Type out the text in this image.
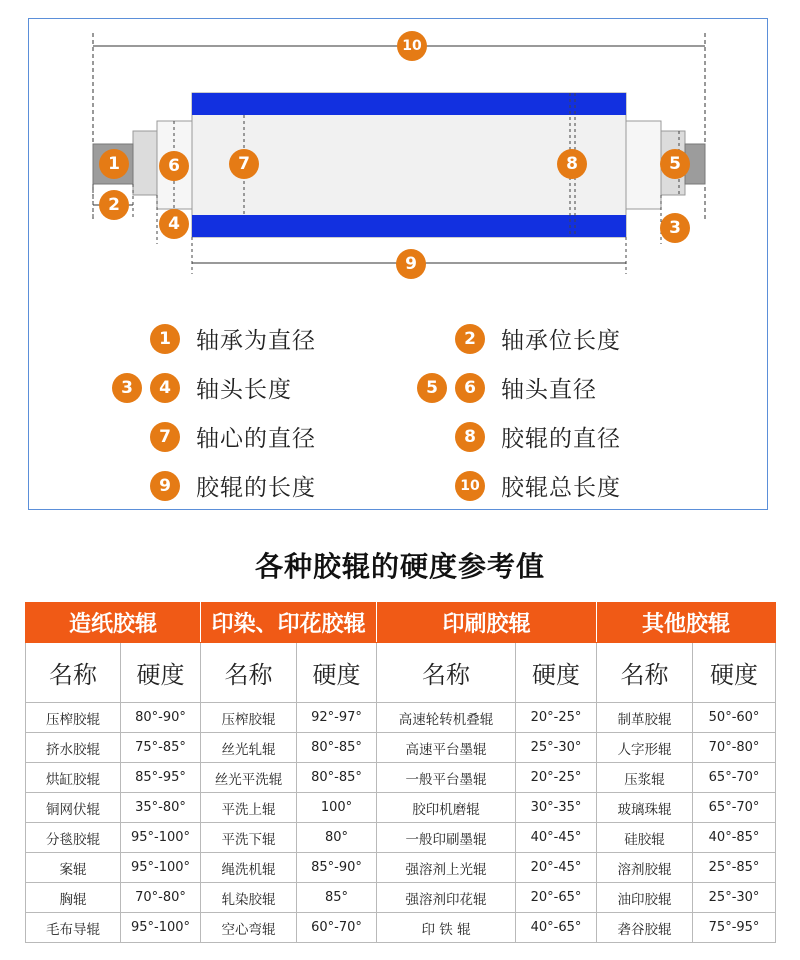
10
1
2
6
4
7	8	5
3
9
1	轴承为直径	2	轴承位长度
3	4	轴头长度	5	6	轴头直径
7	轴心的直径	8	胶辊的直径
9	胶辊的长度	10 胶辊总长度
各种胶辊的硬度参考值
造纸胶辊		印染、印花胶辊		印刷胶辊		其他胶辊	
名称	硬度	名称	硬度	名称	硬度	名称	硬度
压榨胶辊	80°-90°	压榨胶辊	92°-97°	高速轮转机叠辊	20°-25°	制革胶辊	50°-60°
挤水胶辊	75°-85°	丝光轧辊	80°-85°	高速平台墨辊	25°-30°	人字形辊	70°-80°
烘缸胶辊	85°-95°	丝光平洗辊	80°-85°	一般平台墨辊	20°-25°	压浆辊	65°-70°
铜网伏辊	35°-80°	平洗上辊	100°	胶印机磨辊	30°-35°	玻璃珠辊	65°-70°
分毯胶辊	95°-100°	平洗下辊	80°	一般印刷墨辊	40°-45°	硅胶辊	40°-85°
案辊	95°-100°	绳洗机辊	85°-90°	强溶剂上光辊	20°-45°	溶剂胶辊	25°-85°
胸辊	70°-80°	轧染胶辊	85°	强溶剂印花辊	20°-65°	油印胶辊	25°-30°
毛布导辊	95°-100°	空心弯辊	60°-70°	印 铁 辊	40°-65°	砻谷胶辊	75°-95°
